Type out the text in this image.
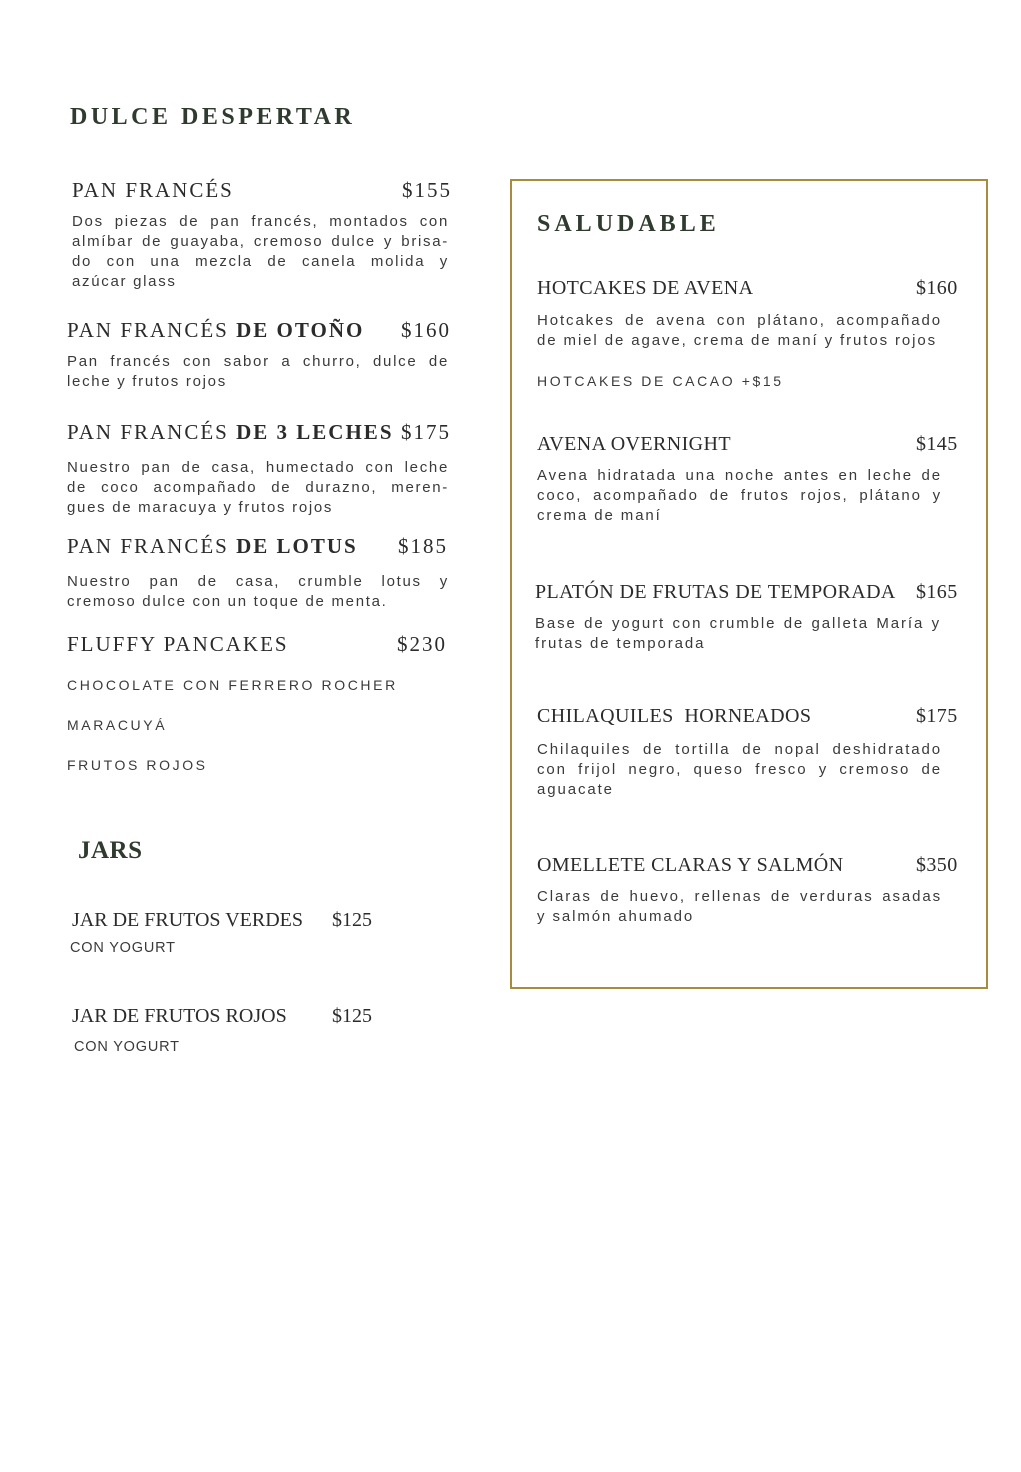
DULCE DESPERTAR
PAN FRANCÉS	$155
Dos piezas de pan francés, montados con
almíbar de guayaba, cremoso dulce y brisa-
do con una mezcla de canela molida y
azúcar glass
PAN FRANCÉS DE OTOÑO $160
Pan francés con sabor a churro, dulce de
leche y frutos rojos
PAN FRANCÉS DE 3 LECHES $175
Nuestro pan de casa, humectado con leche
de coco acompañado de durazno, meren-
gues de maracuya y frutos rojos
PAN FRANCÉS DE LOTUS $185
Nuestro pan de casa, crumble lotus y
cremoso dulce con un toque de menta.
FLUFFY PANCAKES	$230
CHOCOLATE CON FERRERO ROCHER
MARACUYÁ
FRUTOS ROJOS
JARS
JAR DE FRUTOS VERDES $125
CON YOGURT
JAR DE FRUTOS ROJOS $125
CON YOGURT
SALUDABLE
HOTCAKES DE AVENA	$160
Hotcakes de avena con plátano, acompañado
de miel de agave, crema de maní y frutos rojos
HOTCAKES DE CACAO +$15
AVENA OVERNIGHT	$145
Avena hidratada una noche antes en leche de
coco, acompañado de frutos rojos, plátano y
crema de maní
PLATÓN DE FRUTAS DE TEMPORADA $165
Base de yogurt con crumble de galleta María y
frutas de temporada
CHILAQUILES  HORNEADOS	$175
Chilaquiles de tortilla de nopal deshidratado
con frijol negro, queso fresco y cremoso de
aguacate
OMELLETE CLARAS Y SALMÓN	$350
Claras de huevo, rellenas de verduras asadas
y salmón ahumado
